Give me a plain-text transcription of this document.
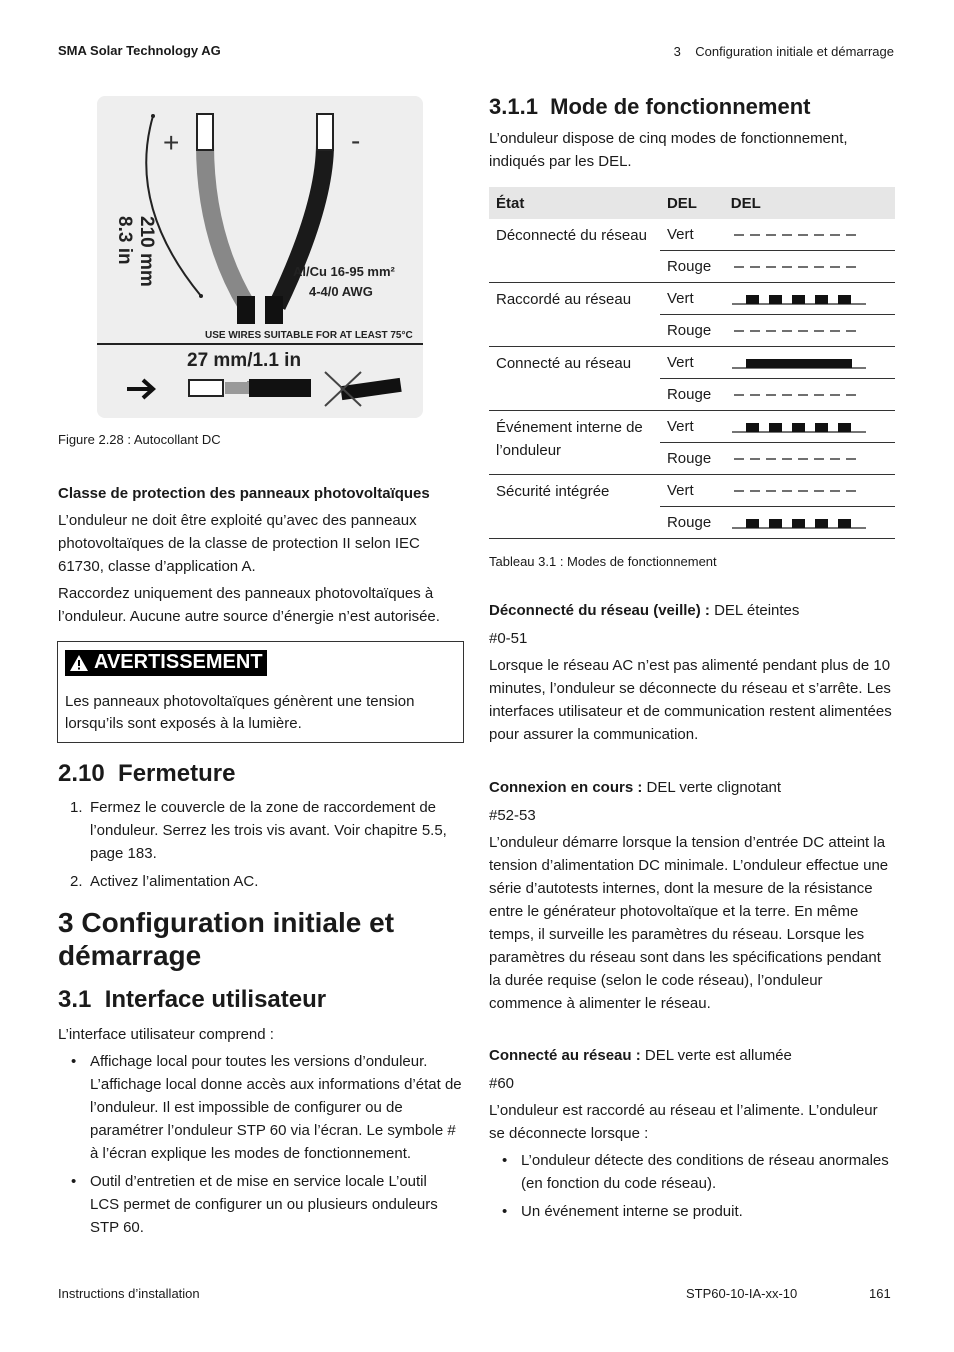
SMA Solar Technology AG	3    Configuration initiale et démarrage
+	-
210 mm
8.3 in
Al/Cu 16-95 mm²
4-4/0 AWG
USE WIRES SUITABLE FOR AT LEAST 75°C
27 mm/1.1 in
Figure 2.28 : Autocollant DC
Classe de protection des panneaux photovoltaïques
L’onduleur ne doit être exploité qu’avec des panneaux photovoltaïques de la classe de protection II selon IEC 61730, classe d’application A.
Raccordez uniquement des panneaux photovoltaïques à l’onduleur. Aucune autre source d’énergie n’est autorisée.
AVERTISSEMENT
Les panneaux photovoltaïques génèrent une tension lorsqu’ils sont exposés à la lumière.
2.10  Fermeture
1. Fermez le couvercle de la zone de raccordement de l’onduleur. Serrez les trois vis avant. Voir chapitre 5.5, page 183.
2. Activez l’alimentation AC.
3 Configuration initiale et démarrage
3.1  Interface utilisateur
L’interface utilisateur comprend :
• Affichage local pour toutes les versions d’onduleur. L’affichage local donne accès aux informations d’état de l’onduleur. Il est impossible de configurer ou de paramétrer l’onduleur STP 60 via l’écran. Le symbole # à l’écran explique les modes de fonctionnement.
• Outil d’entretien et de mise en service locale L’outil LCS permet de configurer un ou plusieurs onduleurs STP 60.
3.1.1  Mode de fonctionnement
L’onduleur dispose de cinq modes de fonctionnement, indiqués par les DEL.
État	DEL	DEL
Déconnecté du réseau	Vert	

	Rouge	

Raccordé au réseau	Vert	

	Rouge	

Connecté au réseau	Vert	

	Rouge	

Événement interne de l’onduleur	Vert	

	Rouge	

Sécurité intégrée	Vert	

	Rouge	
Tableau 3.1 : Modes de fonctionnement
Déconnecté du réseau (veille) : DEL éteintes
#0-51
Lorsque le réseau AC n’est pas alimenté pendant plus de 10 minutes, l’onduleur se déconnecte du réseau et s’arrête. Les interfaces utilisateur et de communication restent alimentées pour assurer la communication.
Connexion en cours : DEL verte clignotant
#52-53
L’onduleur démarre lorsque la tension d’entrée DC atteint la tension d’alimentation DC minimale. L’onduleur effectue une série d’autotests internes, dont la mesure de la résistance entre le générateur photovoltaïque et la terre. En même temps, il surveille les paramètres du réseau. Lorsque les paramètres du réseau sont dans les spécifications pendant la durée requise (selon le code réseau), l’onduleur commence à alimenter le réseau.
Connecté au réseau : DEL verte est allumée
#60
L’onduleur est raccordé au réseau et l’alimente. L’onduleur se déconnecte lorsque :
• L’onduleur détecte des conditions de réseau anormales (en fonction du code réseau).
• Un événement interne se produit.
Instructions d’installation	STP60-10-IA-xx-10	161
